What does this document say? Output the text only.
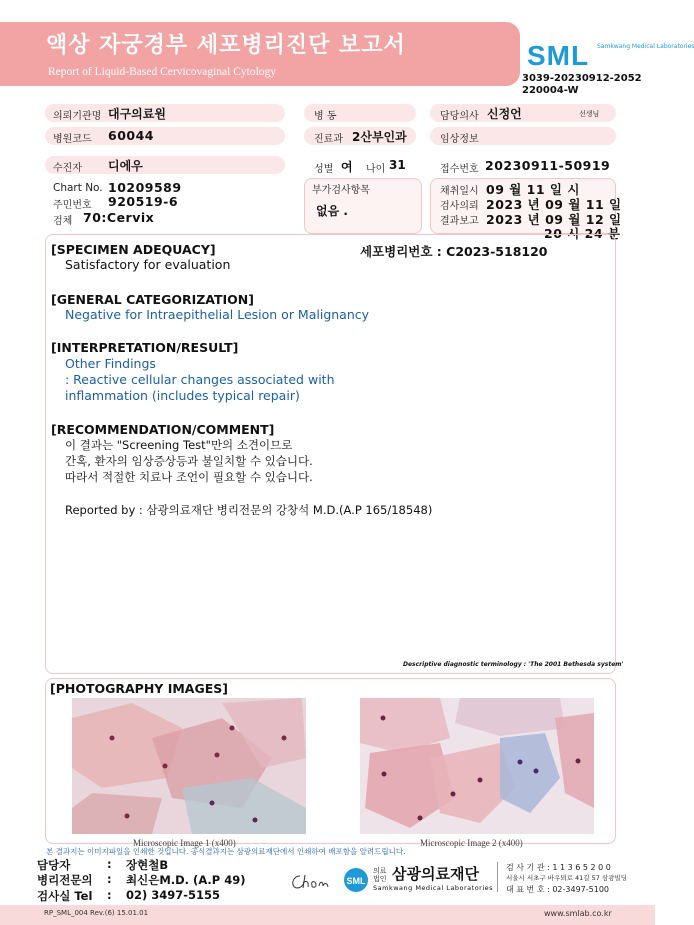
액상 자궁경부 세포병리진단 보고서
Report of Liquid-Based Cervicovaginal Cytology
SML Samkwang Medical Laboratories
3039-20230912-2052
220004-W
의뢰기관명 대구의료원	병 동	담당의사 신정언	선생님
병원코드 60044	진료과 2산부인과	임상정보
수진자 디에우	성별 여 나이 31	접수번호 20230911-50919
Chart No. 10209589
주민번호 920519-6
검체 70:Cervix
부가검사항목
없음 .
채취일시 09 월 11 일 시
검사의뢰 2023 년 09 월 11 일
결과보고 2023 년 09 월 12 일
20 시 24 분
[SPECIMEN ADEQUACY]	세포병리번호 : C2023-518120
Satisfactory for evaluation
[GENERAL CATEGORIZATION]
Negative for Intraepithelial Lesion or Malignancy
[INTERPRETATION/RESULT]
Other Findings
: Reactive cellular changes associated with
inflammation (includes typical repair)
[RECOMMENDATION/COMMENT]
이 결과는 "Screening Test"만의 소견이므로
간혹, 환자의 임상증상등과 불일치할 수 있습니다.
따라서 적절한 치료나 조언이 필요할 수 있습니다.
Reported by : 삼광의료재단 병리전문의 강창석 M.D.(A.P 165/18548)
Descriptive diagnostic terminology : 'The 2001 Bethesda system'
[PHOTOGRAPHY IMAGES]
Microscopic Image 1 (x400)	Microscopic Image 2 (x400)
본 결과지는 이미지파일을 인쇄한 것입니다. 공식결과지는 삼광의료재단에서 인쇄하여 배포함을 알려드립니다.
담당자	: 장현철B
병리전문의 : 최신은M.D. (A.P 49)
검사실 Tel : 02) 3497-5155
SML
의료 법인 삼광의료재단
Samkwang Medical Laboratories
검 사 기 관 : 1 1 3 6 5 2 0 0
서울시 서초구 바우뫼로 41길 57 삼광빌딩
대 표 번 호 : 02-3497-5100
RP_SML_004 Rev.(6) 15.01.01	www.smlab.co.kr
